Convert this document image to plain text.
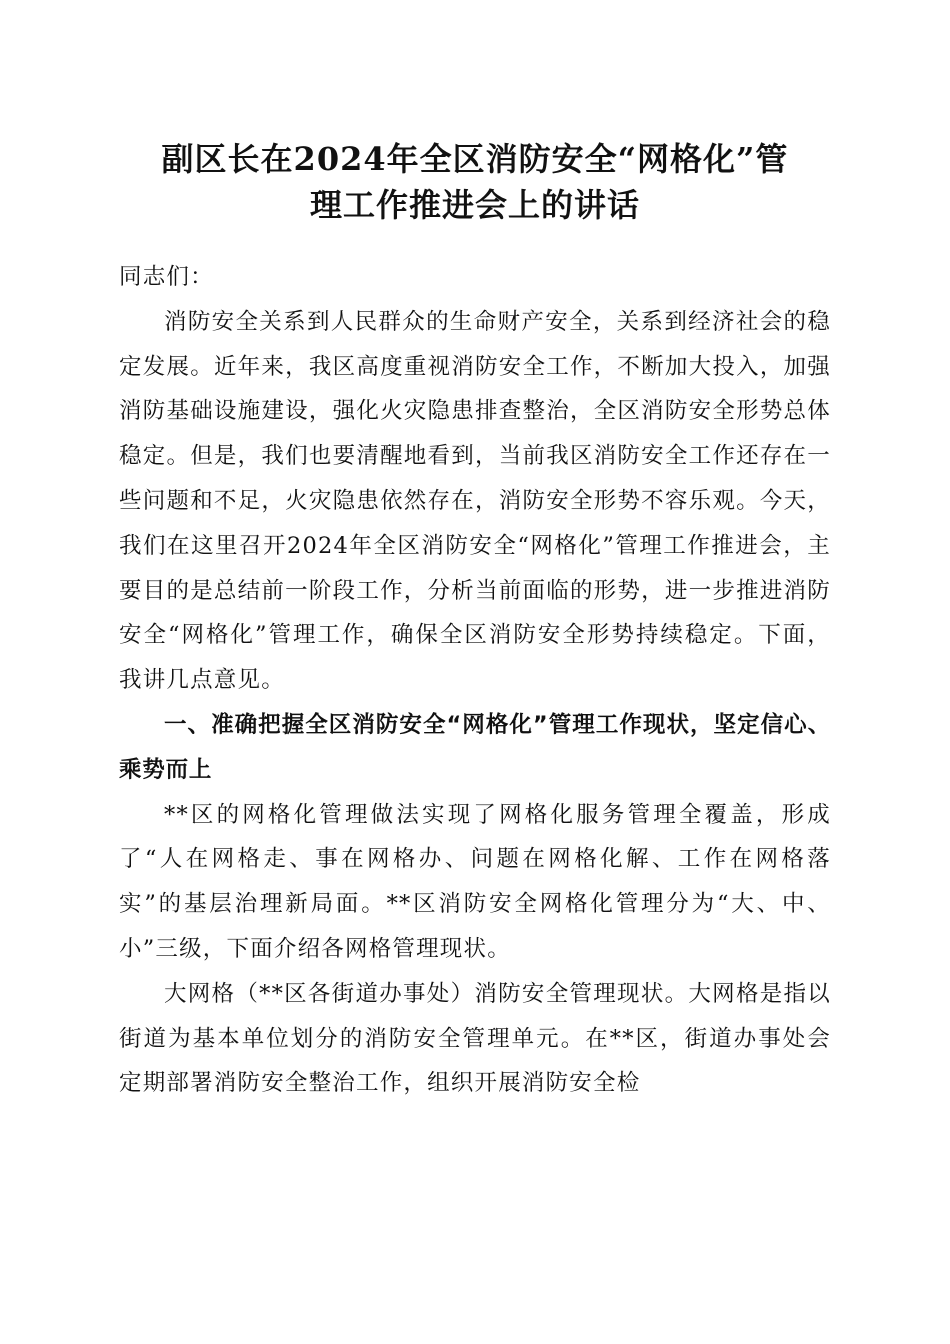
副区长在2024年全区消防安全“网格化”管
理工作推进会上的讲话

同志们：

消防安全关系到人民群众的生命财产安全，关系到经济社会的稳定发展。近年来，我区高度重视消防安全工作，不断加大投入，加强消防基础设施建设，强化火灾隐患排查整治，全区消防安全形势总体稳定。但是，我们也要清醒地看到，当前我区消防安全工作还存在一些问题和不足，火灾隐患依然存在，消防安全形势不容乐观。今天，我们在这里召开2024年全区消防安全“网格化”管理工作推进会，主要目的是总结前一阶段工作，分析当前面临的形势，进一步推进消防安全“网格化”管理工作，确保全区消防安全形势持续稳定。下面，我讲几点意见。

一、准确把握全区消防安全“网格化”管理工作现状，坚定信心、乘势而上

**区的网格化管理做法实现了网格化服务管理全覆盖，形成了“人在网格走、事在网格办、问题在网格化解、工作在网格落实”的基层治理新局面。**区消防安全网格化管理分为“大、中、小”三级，下面介绍各网格管理现状。

大网格（**区各街道办事处）消防安全管理现状。大网格是指以街道为基本单位划分的消防安全管理单元。在**区，街道办事处会定期部署消防安全整治工作，组织开展消防安全检
